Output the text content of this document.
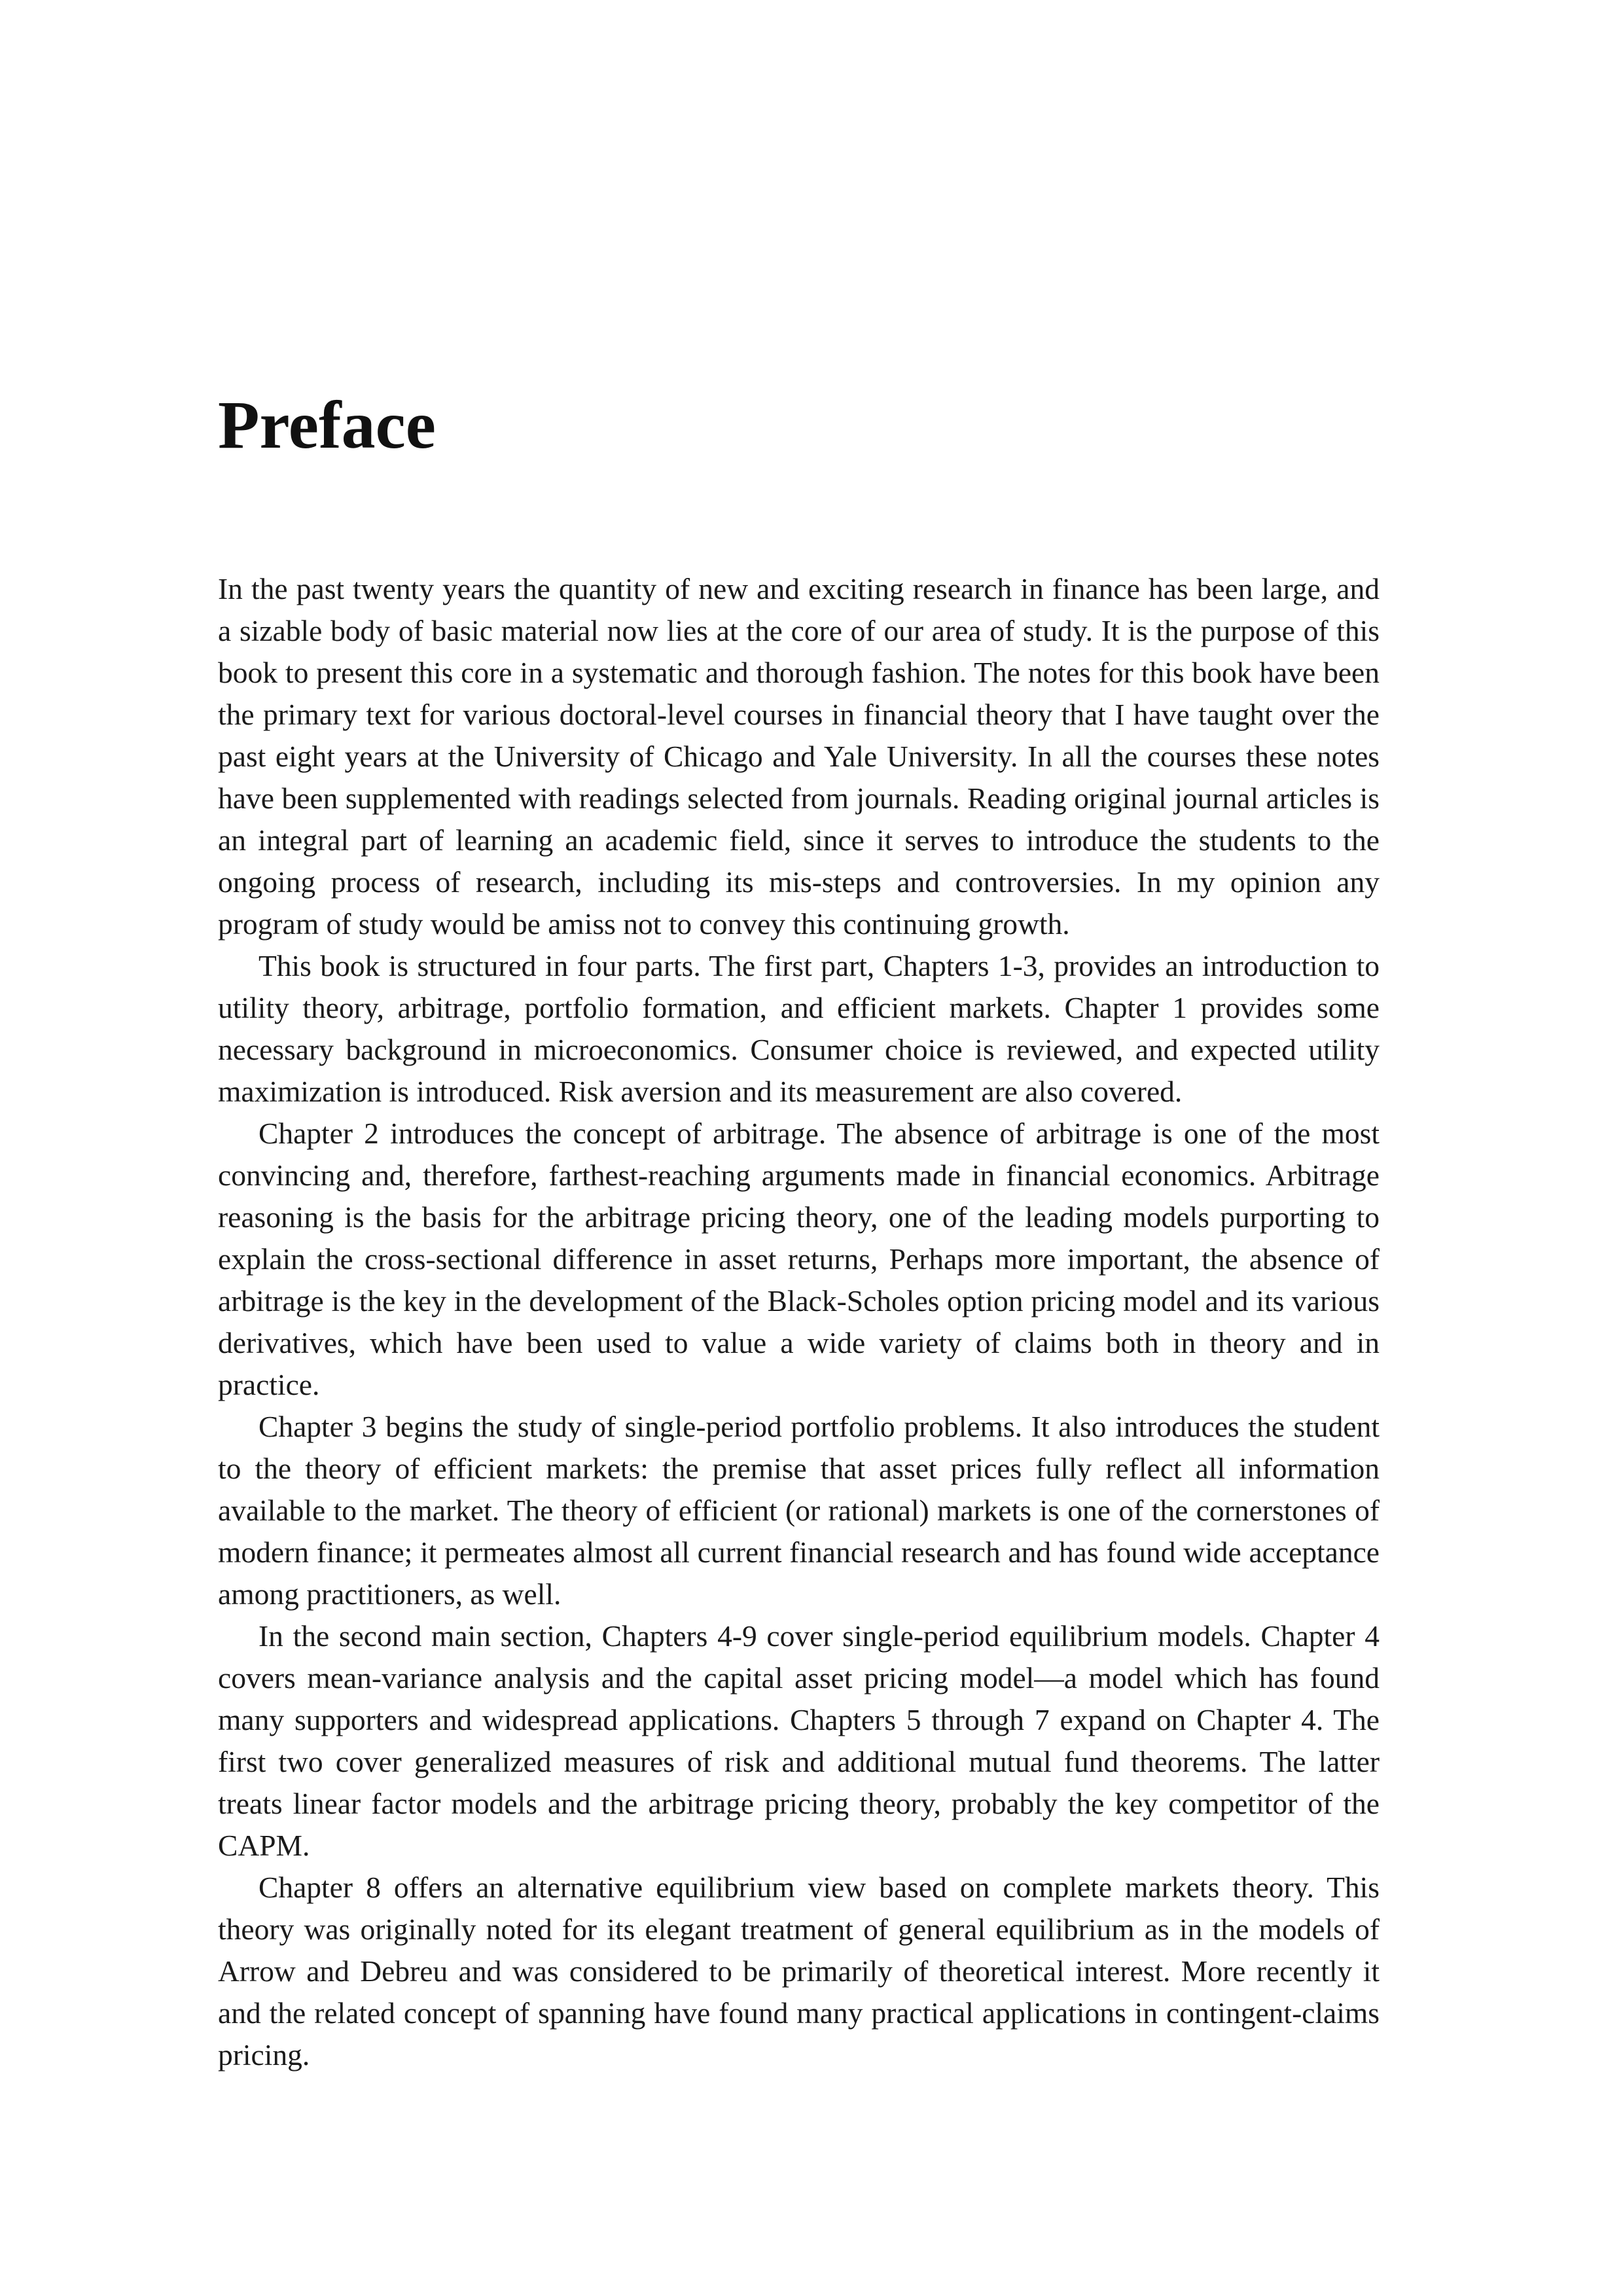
Preface

In the past twenty years the quantity of new and exciting research in finance has been large, and a sizable body of basic material now lies at the core of our area of study. It is the purpose of this book to present this core in a systematic and thorough fashion. The notes for this book have been the primary text for various doctoral-level courses in financial theory that I have taught over the past eight years at the University of Chicago and Yale University. In all the courses these notes have been supplemented with readings selected from journals. Reading original journal articles is an integral part of learning an academic field, since it serves to introduce the students to the ongoing process of research, including its mis-steps and controversies. In my opinion any program of study would be amiss not to convey this continuing growth.

This book is structured in four parts. The first part, Chapters 1-3, provides an introduction to utility theory, arbitrage, portfolio formation, and efficient markets. Chapter 1 provides some necessary background in microeconomics. Consumer choice is reviewed, and expected utility maximization is introduced. Risk aversion and its measurement are also covered.

Chapter 2 introduces the concept of arbitrage. The absence of arbitrage is one of the most convincing and, therefore, farthest-reaching arguments made in financial economics. Arbitrage reasoning is the basis for the arbitrage pricing theory, one of the leading models purporting to explain the cross-sectional difference in asset returns, Perhaps more important, the absence of arbitrage is the key in the development of the Black-Scholes option pricing model and its various derivatives, which have been used to value a wide variety of claims both in theory and in practice.

Chapter 3 begins the study of single-period portfolio problems. It also introduces the student to the theory of efficient markets: the premise that asset prices fully reflect all information available to the market. The theory of efficient (or rational) markets is one of the cornerstones of modern finance; it permeates almost all current financial research and has found wide acceptance among practitioners, as well.

In the second main section, Chapters 4-9 cover single-period equilibrium models. Chapter 4 covers mean-variance analysis and the capital asset pricing model—a model which has found many supporters and widespread applications. Chapters 5 through 7 expand on Chapter 4. The first two cover generalized measures of risk and additional mutual fund theorems. The latter treats linear factor models and the arbitrage pricing theory, probably the key competitor of the CAPM.

Chapter 8 offers an alternative equilibrium view based on complete markets theory. This theory was originally noted for its elegant treatment of general equilibrium as in the models of Arrow and Debreu and was considered to be primarily of theoretical interest. More recently it and the related concept of spanning have found many practical applications in contingent-claims pricing.
